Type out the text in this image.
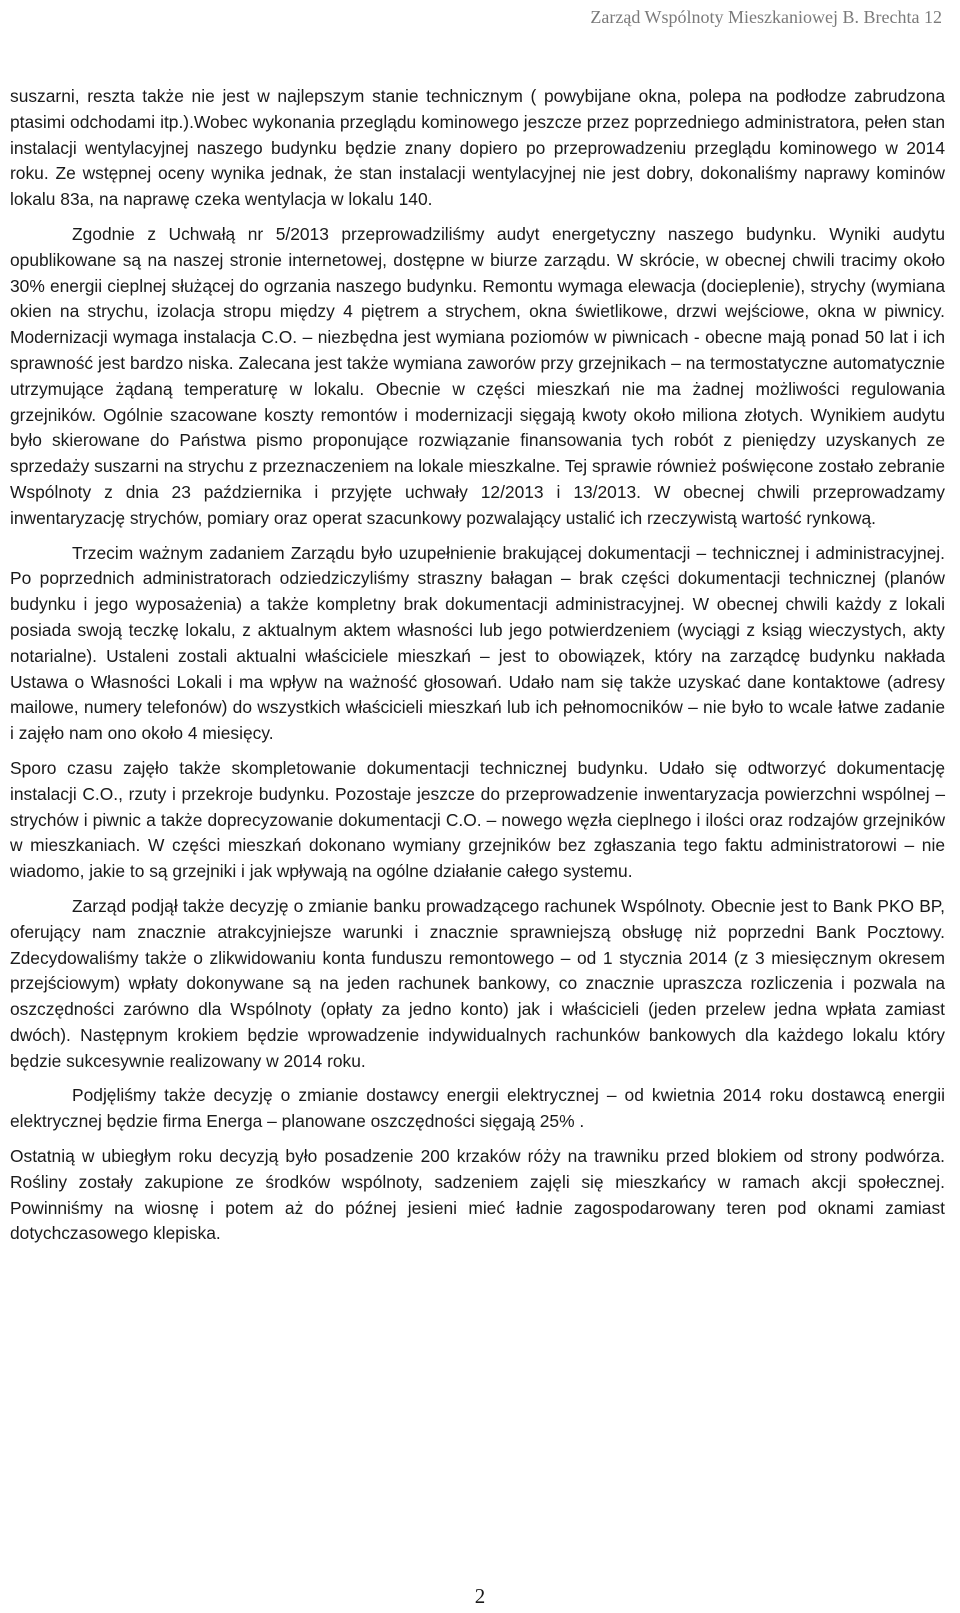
Zarząd Wspólnoty Mieszkaniowej B. Brechta 12

suszarni, reszta także nie jest w najlepszym stanie technicznym ( powybijane okna, polepa na podłodze zabrudzona ptasimi odchodami itp.).Wobec wykonania przeglądu kominowego jeszcze przez poprzedniego administratora, pełen stan instalacji wentylacyjnej naszego budynku będzie znany dopiero po przeprowadzeniu przeglądu kominowego w 2014 roku. Ze wstępnej oceny wynika jednak, że stan instalacji wentylacyjnej nie jest dobry, dokonaliśmy naprawy kominów lokalu 83a, na naprawę czeka wentylacja w lokalu 140.

Zgodnie z Uchwałą nr 5/2013 przeprowadziliśmy audyt energetyczny naszego budynku. Wyniki audytu opublikowane są na naszej stronie internetowej, dostępne w biurze zarządu. W skrócie, w obecnej chwili tracimy około 30% energii cieplnej służącej do ogrzania naszego budynku. Remontu wymaga elewacja (docieplenie), strychy (wymiana okien na strychu, izolacja stropu między 4 piętrem a strychem, okna świetlikowe, drzwi wejściowe, okna w piwnicy. Modernizacji wymaga instalacja C.O. – niezbędna jest wymiana poziomów w piwnicach - obecne mają ponad 50 lat i ich sprawność jest bardzo niska. Zalecana jest także wymiana zaworów przy grzejnikach – na termostatyczne automatycznie utrzymujące żądaną temperaturę w lokalu. Obecnie w części mieszkań nie ma żadnej możliwości regulowania grzejników. Ogólnie szacowane koszty remontów i modernizacji sięgają kwoty około miliona złotych. Wynikiem audytu było skierowane do Państwa pismo proponujące rozwiązanie finansowania tych robót z pieniędzy uzyskanych ze sprzedaży suszarni na strychu z przeznaczeniem na lokale mieszkalne. Tej sprawie również poświęcone zostało zebranie Wspólnoty z dnia 23 października i przyjęte uchwały 12/2013 i 13/2013. W obecnej chwili przeprowadzamy inwentaryzację strychów, pomiary oraz operat szacunkowy pozwalający ustalić ich rzeczywistą wartość rynkową.

Trzecim ważnym zadaniem Zarządu było uzupełnienie brakującej dokumentacji – technicznej i administracyjnej. Po poprzednich administratorach odziedziczyliśmy straszny bałagan – brak części dokumentacji technicznej (planów budynku i jego wyposażenia) a także kompletny brak dokumentacji administracyjnej. W obecnej chwili każdy z lokali posiada swoją teczkę lokalu, z aktualnym aktem własności lub jego potwierdzeniem (wyciągi z ksiąg wieczystych, akty notarialne). Ustaleni zostali aktualni właściciele mieszkań – jest to obowiązek, który na zarządcę budynku nakłada Ustawa o Własności Lokali i ma wpływ na ważność głosowań. Udało nam się także uzyskać dane kontaktowe (adresy mailowe, numery telefonów) do wszystkich właścicieli mieszkań lub ich pełnomocników – nie było to wcale łatwe zadanie i zajęło nam ono około 4 miesięcy.

Sporo czasu zajęło także skompletowanie dokumentacji technicznej budynku. Udało się odtworzyć dokumentację instalacji C.O., rzuty i przekroje budynku. Pozostaje jeszcze do przeprowadzenie inwentaryzacja powierzchni wspólnej – strychów i piwnic a także doprecyzowanie dokumentacji C.O. – nowego węzła cieplnego i ilości oraz rodzajów grzejników w mieszkaniach. W części mieszkań dokonano wymiany grzejników bez zgłaszania tego faktu administratorowi – nie wiadomo, jakie to są grzejniki i jak wpływają na ogólne działanie całego systemu.

Zarząd podjął także decyzję o zmianie banku prowadzącego rachunek Wspólnoty. Obecnie jest to Bank PKO BP, oferujący nam znacznie atrakcyjniejsze warunki i znacznie sprawniejszą obsługę niż poprzedni Bank Pocztowy. Zdecydowaliśmy także o zlikwidowaniu konta funduszu remontowego – od 1 stycznia 2014 (z 3 miesięcznym okresem przejściowym) wpłaty dokonywane są na jeden rachunek bankowy, co znacznie upraszcza rozliczenia i pozwala na oszczędności zarówno dla Wspólnoty (opłaty za jedno konto) jak i właścicieli (jeden przelew jedna wpłata zamiast dwóch). Następnym krokiem będzie wprowadzenie indywidualnych rachunków bankowych dla każdego lokalu który będzie sukcesywnie realizowany w 2014 roku.

Podjęliśmy także decyzję o zmianie dostawcy energii elektrycznej – od kwietnia 2014 roku dostawcą energii elektrycznej będzie firma Energa – planowane oszczędności sięgają 25% .

Ostatnią w ubiegłym roku decyzją było posadzenie 200 krzaków róży na trawniku przed blokiem od strony podwórza. Rośliny zostały zakupione ze środków wspólnoty, sadzeniem zajęli się mieszkańcy w ramach akcji społecznej. Powinniśmy na wiosnę i potem aż do późnej jesieni mieć ładnie zagospodarowany teren pod oknami zamiast dotychczasowego klepiska.

2
